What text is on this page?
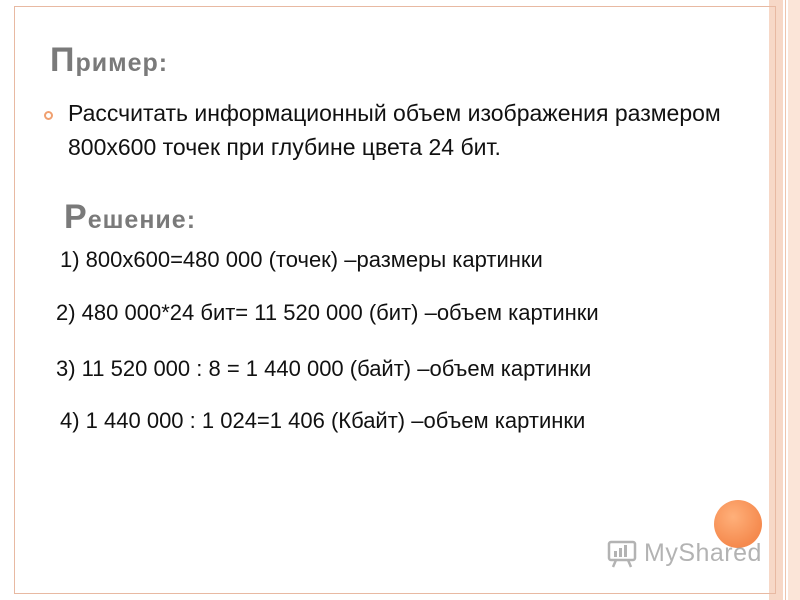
Пример:

Рассчитать информационный объем изображения размером 800х600 точек при глубине цвета 24 бит.

Решение:

1) 800х600=480 000 (точек) –размеры картинки

2) 480 000*24 бит= 11 520 000 (бит) –объем картинки

3) 11 520 000 : 8 = 1 440 000 (байт) –объем картинки

4) 1 440 000 : 1 024=1 406 (Кбайт) –объем картинки

MyShared
